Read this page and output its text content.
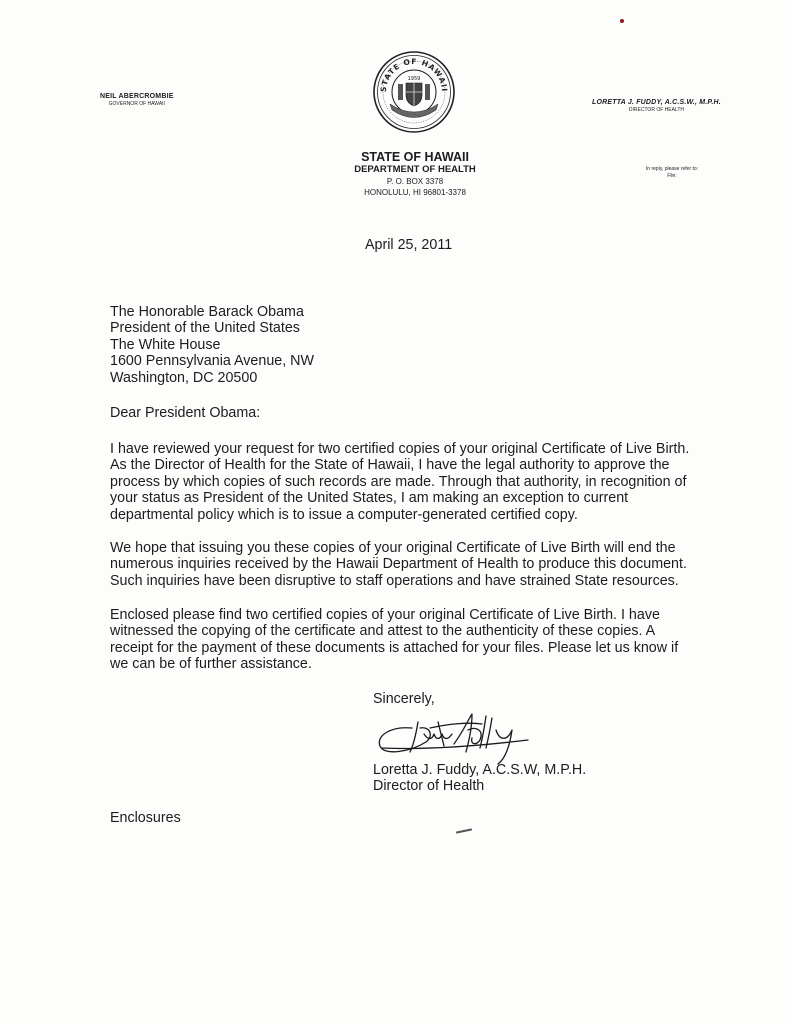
NEIL ABERCROMBIE
GOVERNOR OF HAWAII
STATE OF HAWAII
1959
LORETTA J. FUDDY, A.C.S.W., M.P.H.
DIRECTOR OF HEALTH
STATE OF HAWAII
DEPARTMENT OF HEALTH
P. O. BOX 3378
HONOLULU, HI 96801-3378
In reply, please refer to:
File:
April 25, 2011
The Honorable Barack Obama
President of the United States
The White House
1600 Pennsylvania Avenue, NW
Washington, DC 20500
Dear President Obama:
I have reviewed your request for two certified copies of your original Certificate of Live Birth.
As the Director of Health for the State of Hawaii, I have the legal authority to approve the
process by which copies of such records are made. Through that authority, in recognition of
your status as President of the United States, I am making an exception to current
departmental policy which is to issue a computer-generated certified copy.
We hope that issuing you these copies of your original Certificate of Live Birth will end the
numerous inquiries received by the Hawaii Department of Health to produce this document.
Such inquiries have been disruptive to staff operations and have strained State resources.
Enclosed please find two certified copies of your original Certificate of Live Birth. I have
witnessed the copying of the certificate and attest to the authenticity of these copies. A
receipt for the payment of these documents is attached for your files. Please let us know if
we can be of further assistance.
Sincerely,
Loretta J. Fuddy, A.C.S.W, M.P.H.
Director of Health
Enclosures
